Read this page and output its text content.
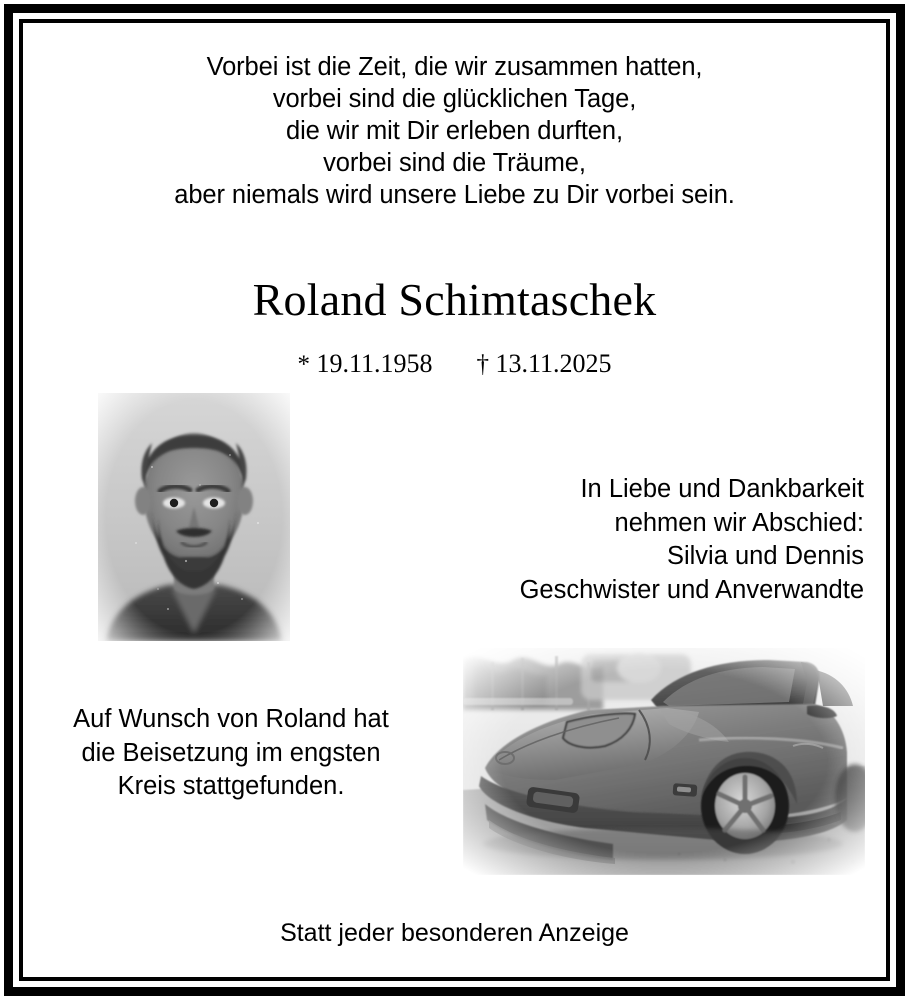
Vorbei ist die Zeit, die wir zusammen hatten,
vorbei sind die glücklichen Tage,
die wir mit Dir erleben durften,
vorbei sind die Träume,
aber niemals wird unsere Liebe zu Dir vorbei sein.
Roland Schimtaschek
* 19.11.1958 † 13.11.2025
In Liebe und Dankbarkeit
nehmen wir Abschied:
Silvia und Dennis
Geschwister und Anverwandte
Auf Wunsch von Roland hat
die Beisetzung im engsten
Kreis stattgefunden.
Statt jeder besonderen Anzeige
